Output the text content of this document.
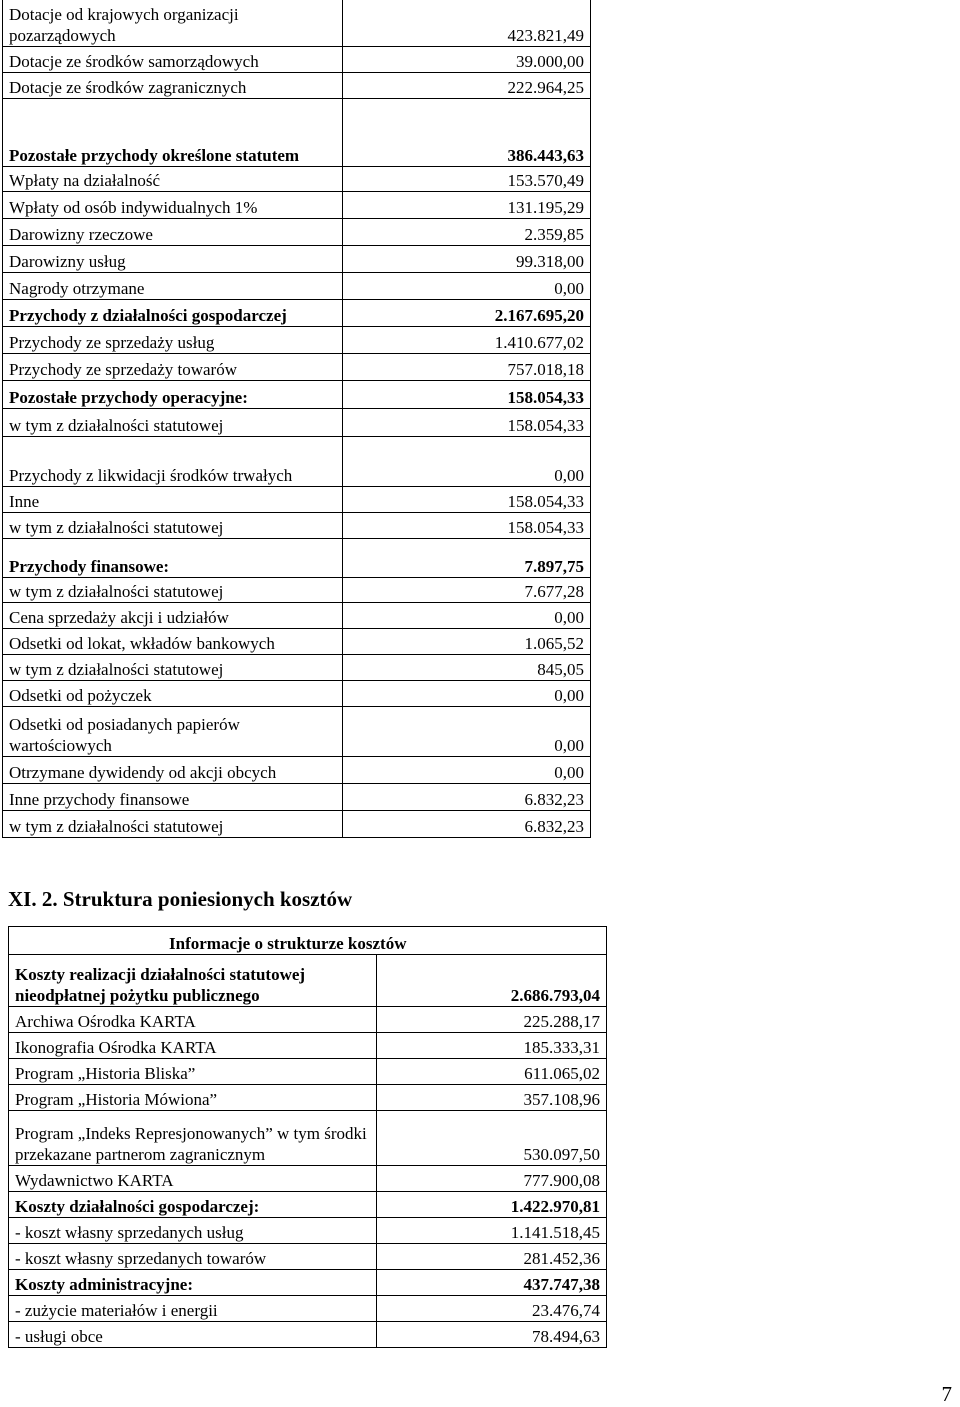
Dotacje od krajowych organizacji pozarządowych	423.821,49
Dotacje ze środków samorządowych	39.000,00
Dotacje ze środków zagranicznych	222.964,25
Pozostałe przychody określone statutem	386.443,63
Wpłaty na działalność	153.570,49
Wpłaty od osób indywidualnych 1%	131.195,29
Darowizny rzeczowe	2.359,85
Darowizny usług	99.318,00
Nagrody otrzymane	0,00
Przychody z działalności gospodarczej	2.167.695,20
Przychody ze sprzedaży usług	1.410.677,02
Przychody ze sprzedaży towarów	757.018,18
Pozostałe przychody operacyjne:	158.054,33
w tym z działalności statutowej	158.054,33
Przychody z likwidacji środków trwałych	0,00
Inne	158.054,33
w tym z działalności statutowej	158.054,33
Przychody finansowe:	7.897,75
w tym z działalności statutowej	7.677,28
Cena sprzedaży akcji i udziałów	0,00
Odsetki od lokat, wkładów bankowych	1.065,52
w tym z działalności statutowej	845,05
Odsetki od pożyczek	0,00
Odsetki od posiadanych papierów wartościowych	0,00
Otrzymane dywidendy od akcji obcych	0,00
Inne przychody finansowe	6.832,23
w tym z działalności statutowej	6.832,23
XI. 2. Struktura poniesionych kosztów
Informacje o strukturze kosztów	
Koszty realizacji działalności statutowej nieodpłatnej pożytku publicznego	2.686.793,04
Archiwa Ośrodka KARTA	225.288,17
Ikonografia Ośrodka KARTA	185.333,31
Program „Historia Bliska”	611.065,02
Program „Historia Mówiona”	357.108,96
Program „Indeks Represjonowanych” w tym środki przekazane partnerom zagranicznym	530.097,50
Wydawnictwo KARTA	777.900,08
Koszty działalności gospodarczej:	1.422.970,81
- koszt własny sprzedanych usług	1.141.518,45
- koszt własny sprzedanych towarów	281.452,36
Koszty administracyjne:	437.747,38
- zużycie materiałów i energii	23.476,74
- usługi obce	78.494,63
7
